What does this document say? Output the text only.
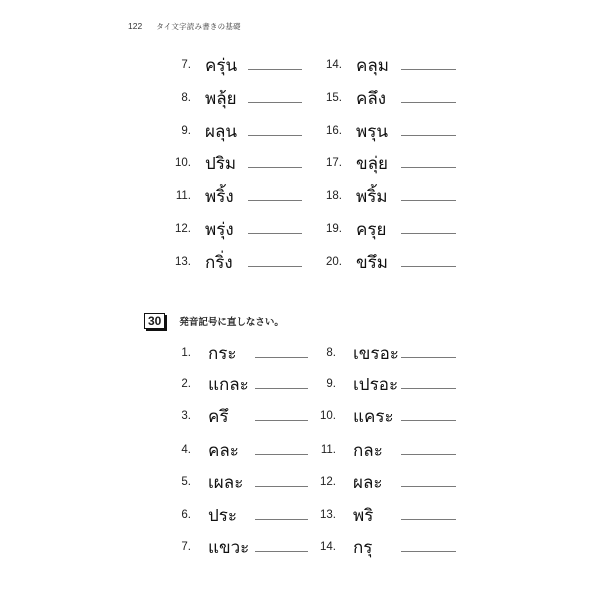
122 タイ文字読み書きの基礎
7. ครุ่น
8. พลุ้ย
9. ผลุน
10. ปริม
11. พริ้ง
12. พรุ่ง
13. กริ่ง
14. คลุม
15. คลึง
16. พรุน
17. ขลุ่ย
18. พริ้ม
19. ครุย
20. ขรึม
30	発音記号に直しなさい。
1. กระ
2. แกละ
3. ครึ
4. คละ
5. เผละ
6. ประ
7. แขวะ
8. เขรอะ
9. เปรอะ
10. แคระ
11. กละ
12. ผละ
13. พริ
14. กรุ
